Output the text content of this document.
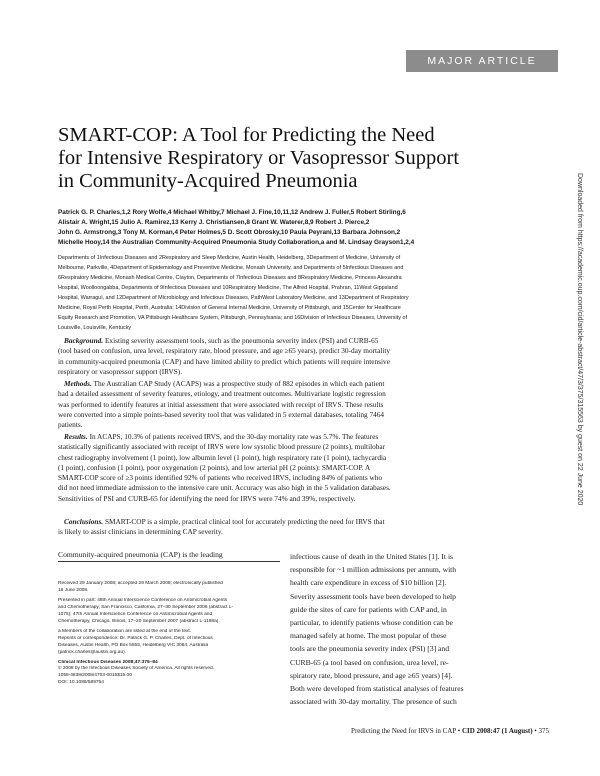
MAJOR ARTICLE
SMART-COP: A Tool for Predicting the Need
for Intensive Respiratory or Vasopressor Support
in Community-Acquired Pneumonia
Patrick G. P. Charles,1,2 Rory Wolfe,4 Michael Whitby,7 Michael J. Fine,10,11,12 Andrew J. Fuller,5 Robert Stirling,6
Alistair A. Wright,15 Julio A. Ramirez,13 Kerry J. Christiansen,8 Grant W. Waterer,8,9 Robert J. Pierce,2
John G. Armstrong,3 Tony M. Korman,4 Peter Holmes,5 D. Scott Obrosky,10 Paula Peyrani,13 Barbara Johnson,2
Michelle Hooy,14 the Australian Community-Acquired Pneumonia Study Collaboration,a and M. Lindsay Grayson1,2,4
Departments of 1Infectious Diseases and 2Respiratory and Sleep Medicine, Austin Health, Heidelberg, 3Department of Medicine, University of
Melbourne, Parkville, 4Department of Epidemiology and Preventive Medicine, Monash University, and Departments of 5Infectious Diseases and
6Respiratory Medicine, Monash Medical Centre, Clayton, Departments of 7Infectious Diseases and 8Respiratory Medicine, Princess Alexandra
Hospital, Woolloongabba, Departments of 9Infectious Diseases and 10Respiratory Medicine, The Alfred Hospital, Prahran, 11West Gippsland
Hospital, Warragul, and 12Department of Microbiology and Infectious Diseases, PathWest Laboratory Medicine, and 13Department of Respiratory
Medicine, Royal Perth Hospital, Perth, Australia; 14Division of General Internal Medicine, University of Pittsburgh, and 15Center for Healthcare
Equity Research and Promotion, VA Pittsburgh Healthcare System, Pittsburgh, Pennsylvania; and 16Division of Infectious Diseases, University of
Louisville, Louisville, Kentucky
Background. Existing severity assessment tools, such as the pneumonia severity index (PSI) and CURB-65
(tool based on confusion, urea level, respiratory rate, blood pressure, and age ≥65 years), predict 30-day mortality
in community-acquired pneumonia (CAP) and have limited ability to predict which patients will require intensive
respiratory or vasopressor support (IRVS).
Methods. The Australian CAP Study (ACAPS) was a prospective study of 882 episodes in which each patient
had a detailed assessment of severity features, etiology, and treatment outcomes. Multivariate logistic regression
was performed to identify features at initial assessment that were associated with receipt of IRVS. These results
were converted into a simple points-based severity tool that was validated in 5 external databases, totaling 7464
patients.
Results. In ACAPS, 10.3% of patients received IRVS, and the 30-day mortality rate was 5.7%. The features
statistically significantly associated with receipt of IRVS were low systolic blood pressure (2 points), multilobar
chest radiography involvement (1 point), low albumin level (1 point), high respiratory rate (1 point), tachycardia
(1 point), confusion (1 point), poor oxygenation (2 points), and low arterial pH (2 points): SMART-COP. A
SMART-COP score of ≥3 points identified 92% of patients who received IRVS, including 84% of patients who
did not need immediate admission to the intensive care unit. Accuracy was also high in the 5 validation databases.
Sensitivities of PSI and CURB-65 for identifying the need for IRVS were 74% and 39%, respectively.
Conclusions. SMART-COP is a simple, practical clinical tool for accurately predicting the need for IRVS that
is likely to assist clinicians in determining CAP severity.
Community-acquired pneumonia (CAP) is the leading
Received 29 January 2008; accepted 29 March 2008; electronically published
16 June 2008.
Presented in part: 48th Annual Interscience Conference on Antimicrobial Agents
and Chemotherapy, San Francisco, California, 27–30 September 2006 (abstract L-
1075); 47th Annual Interscience Conference on Antimicrobial Agents and
Chemotherapy, Chicago, Illinois, 17–20 September 2007 (abstract L-1198a).
a Members of the collaboration are listed at the end of the text.
Reprints or correspondence: Dr. Patrick G. P. Charles, Dept. of Infectious
Diseases, Austin Health, PO Box 5555, Heidelberg VIC 3084, Australia
(patrick.charles@austin.org.au).
Clinical Infectious Diseases 2008;47:375–84
© 2008 by the Infectious Diseases Society of America. All rights reserved.
1058-4838/2008/4703-0015$15.00
DOI: 10.1086/589754
infectious cause of death in the United States [1]. It is
responsible for ~1 million admissions per annum, with
health care expenditure in excess of $10 billion [2].
Severity assessment tools have been developed to help
guide the sites of care for patients with CAP and, in
particular, to identify patients whose condition can be
managed safely at home. The most popular of these
tools are the pneumonia severity index (PSI) [3] and
CURB-65 (a tool based on confusion, urea level, re-
spiratory rate, blood pressure, and age ≥65 years) [4].
Both were developed from statistical analyses of features
associated with 30-day mortality. The presence of such
Predicting the Need for IRVS in CAP • CID 2008:47 (1 August) • 375
Downloaded from https://academic.oup.com/cid/article-abstract/47/3/375/315563 by guest on 22 June 2020
